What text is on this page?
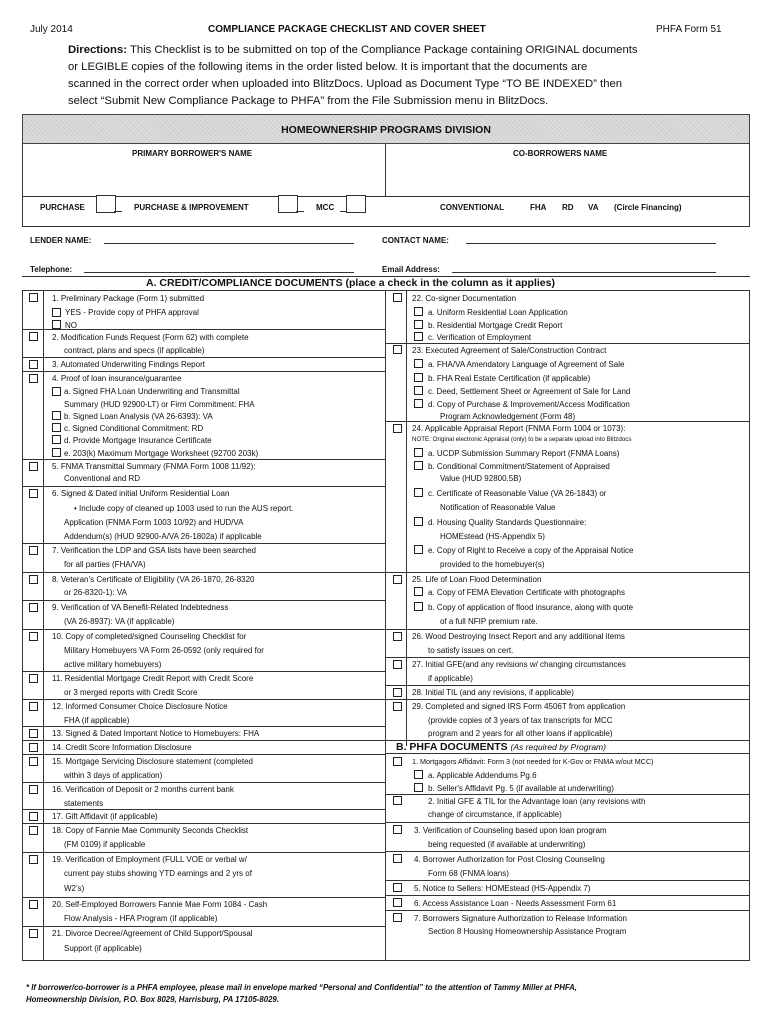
July 2014	COMPLIANCE PACKAGE CHECKLIST AND COVER SHEET	PHFA Form 51
Directions: This Checklist is to be submitted on top of the Compliance Package containing ORIGINAL documents
or LEGIBLE copies of the following items in the order listed below. It is important that the documents are
scanned in the correct order when uploaded into BlitzDocs. Upload as Document Type “TO BE INDEXED” then
select “Submit New Compliance Package to PHFA” from the File Submission menu in BlitzDocs.
HOMEOWNERSHIP PROGRAMS DIVISION
PRIMARY BORROWER'S NAME	CO-BORROWERS NAME
PURCHASE	PURCHASE & IMPROVEMENT	MCC	CONVENTIONAL	FHA RD VA (Circle Financing)
LENDER NAME:	CONTACT NAME:
Telephone:	Email Address:
A. CREDIT/COMPLIANCE DOCUMENTS (place a check in the column as it applies)
1. Preliminary Package (Form 1) submitted
YES - Provide copy of PHFA approval
NO
2. Modification Funds Request (Form 62) with complete
contract, plans and specs (if applicable)
3. Automated Underwriting Findings Report
4. Proof of loan insurance/guarantee
a. Signed FHA Loan Underwriting and Transmittal
Summary (HUD 92900-LT) or Firm Commitment: FHA
b. Signed Loan Analysis (VA 26-6393): VA
c. Signed Conditional Commitment: RD
d. Provide Mortgage Insurance Certificate
e. 203(k) Maximum Mortgage Worksheet (92700 203k)
5. FNMA Transmittal Summary (FNMA Form 1008 11/92):
Conventional and RD
6. Signed & Dated initial Uniform Residential Loan
• Include copy of cleaned up 1003 used to run the AUS report.
Application (FNMA Form 1003 10/92) and HUD/VA
Addendum(s) (HUD 92900-A/VA 26-1802a) if applicable
7. Verification the LDP and GSA lists have been searched
for all parties (FHA/VA)
8. Veteran’s Certificate of Eligibility (VA 26-1870, 26-8320
or 26-8320-1): VA
9. Verification of VA Benefit-Related Indebtedness
(VA 26-8937): VA (if applicable)
10. Copy of completed/signed Counseling Checklist for
Military Homebuyers VA Form 26-0592 (only required for
active military homebuyers)
11. Residential Mortgage Credit Report with Credit Score
or 3 merged reports with Credit Score
12. Informed Consumer Choice Disclosure Notice
FHA (if applicable)
13. Signed & Dated Important Notice to Homebuyers: FHA
14. Credit Score Information Disclosure
15. Mortgage Servicing Disclosure statement (completed
within 3 days of application)
16. Verification of Deposit or 2 months current bank
statements
17. Gift Affidavit (if applicable)
18. Copy of Fannie Mae Community Seconds Checklist
(FM 0109) if applicable
19. Verification of Employment (FULL VOE or verbal w/
current pay stubs showing YTD earnings and 2 yrs of
W2’s)
20. Self-Employed Borrowers Fannie Mae Form 1084 - Cash
Flow Analysis - HFA Program (if applicable)
21. Divorce Decree/Agreement of Child Support/Spousal
Support (if applicable)
22. Co-signer Documentation
a. Uniform Residential Loan Application
b. Residential Mortgage Credit Report
c. Verification of Employment
23. Executed Agreement of Sale/Construction Contract
a. FHA/VA Amendatory Language of Agreement of Sale
b. FHA Real Estate Certification (if applicable)
c. Deed, Settlement Sheet or Agreement of Sale for Land
d. Copy of Purchase & Improvement/Access Modification
Program Acknowledgement (Form 48)
24. Applicable Appraisal Report (FNMA Form 1004 or 1073):
NOTE: Original electronic Appraisal (only) to be a separate upload into Blitzdocs
a. UCDP Submission Summary Report (FNMA Loans)
b. Conditional Commitment/Statement of Appraised
Value (HUD 92800.5B)
c. Certificate of Reasonable Value (VA 26-1843) or
Notification of Reasonable Value
d. Housing Quality Standards Questionnaire:
HOMEstead (HS-Appendix 5)
e. Copy of Right to Receive a copy of the Appraisal Notice
provided to the homebuyer(s)
25. Life of Loan Flood Determination
a. Copy of FEMA Elevation Certificate with photographs
b. Copy of application of flood insurance, along with quote
of a full NFIP premium rate.
26. Wood Destroying Insect Report and any additional items
to satisfy issues on cert.
27. Initial GFE(and any revisions w/ changing circumstances
if applicable)
28. Initial TIL (and any revisions, if applicable)
29. Completed and signed IRS Form 4506T from application
(provide copies of 3 years of tax transcripts for MCC
program and 2 years for all other loans if applicable)
B. PHFA DOCUMENTS (As required by Program)
1. Mortgagors Affidavit: Form 3 (not needed for K-Gov or FNMA w/out MCC)
a. Applicable Addendums Pg.6
b. Seller's Affidavit Pg. 5 (if available at underwriting)
2. Initial GFE & TIL for the Advantage loan (any revisions with
change of circumstance, if applicable)
3. Verification of Counseling based upon loan program
being requested (if available at underwriting)
4. Borrower Authorization for Post Closing Counseling
Form 68 (FNMA loans)
5. Notice to Sellers: HOMEstead (HS-Appendix 7)
6. Access Assistance Loan - Needs Assessment Form 61
7. Borrowers Signature Authorization to Release Information
Section 8 Housing Homeownership Assistance Program
* If borrower/co-borrower is a PHFA employee, please mail in envelope marked “Personal and Confidential” to the attention of Tammy Miller at PHFA,
Homeownership Division, P.O. Box 8029, Harrisburg, PA 17105-8029.
